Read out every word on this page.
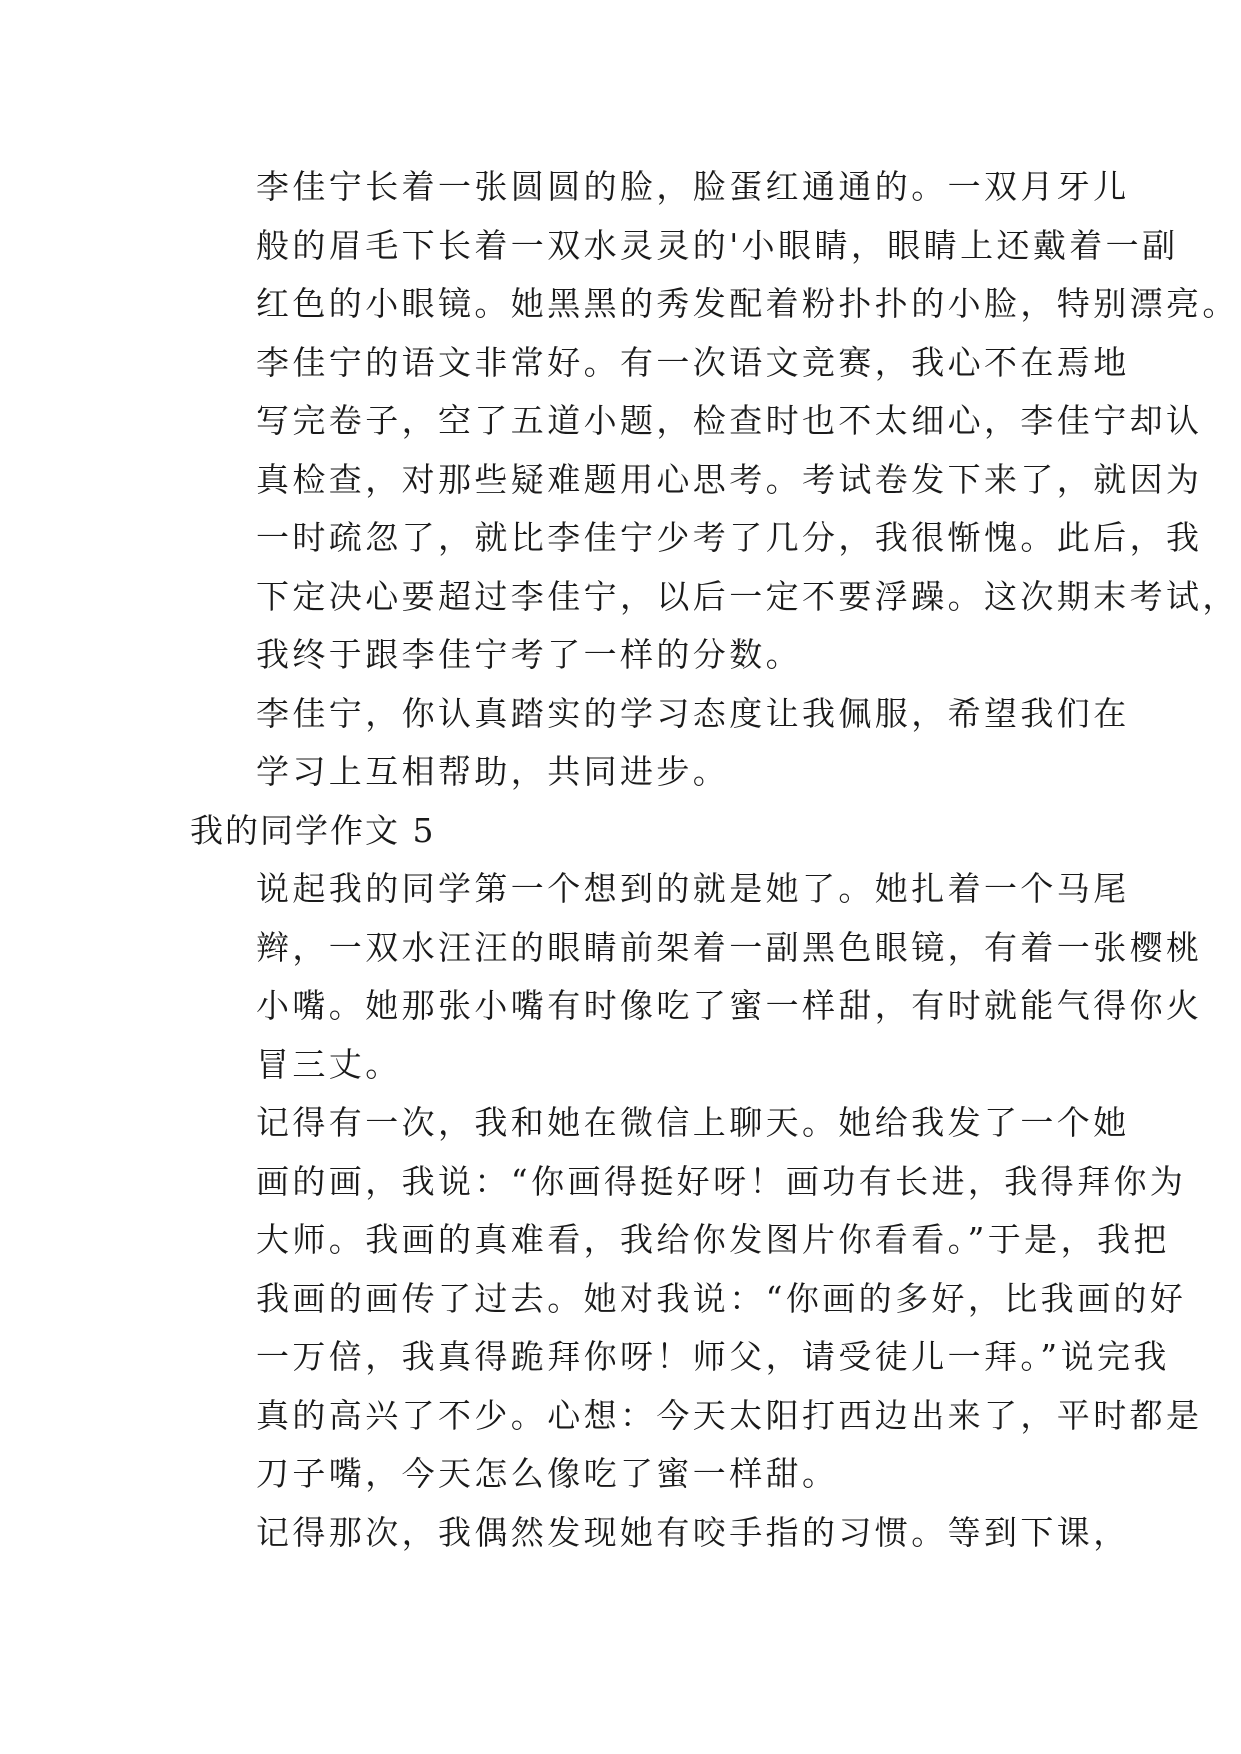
李佳宁长着一张圆圆的脸，脸蛋红通通的。一双月牙儿
般的眉毛下长着一双水灵灵的'小眼睛，眼睛上还戴着一副
红色的小眼镜。她黑黑的秀发配着粉扑扑的小脸，特别漂亮。

李佳宁的语文非常好。有一次语文竞赛，我心不在焉地
写完卷子，空了五道小题，检查时也不太细心，李佳宁却认
真检查，对那些疑难题用心思考。考试卷发下来了，就因为
一时疏忽了，就比李佳宁少考了几分，我很惭愧。此后，我
下定决心要超过李佳宁，以后一定不要浮躁。这次期末考试，
我终于跟李佳宁考了一样的分数。

李佳宁，你认真踏实的学习态度让我佩服，希望我们在
学习上互相帮助，共同进步。

我的同学作文 5

说起我的同学第一个想到的就是她了。她扎着一个马尾
辫，一双水汪汪的眼睛前架着一副黑色眼镜，有着一张樱桃
小嘴。她那张小嘴有时像吃了蜜一样甜，有时就能气得你火
冒三丈。

记得有一次，我和她在微信上聊天。她给我发了一个她
画的画，我说：“你画得挺好呀！画功有长进，我得拜你为
大师。我画的真难看，我给你发图片你看看。”于是，我把
我画的画传了过去。她对我说：“你画的多好，比我画的好
一万倍，我真得跪拜你呀！师父，请受徒儿一拜。”说完我
真的高兴了不少。心想：今天太阳打西边出来了，平时都是
刀子嘴，今天怎么像吃了蜜一样甜。

记得那次，我偶然发现她有咬手指的习惯。等到下课，
